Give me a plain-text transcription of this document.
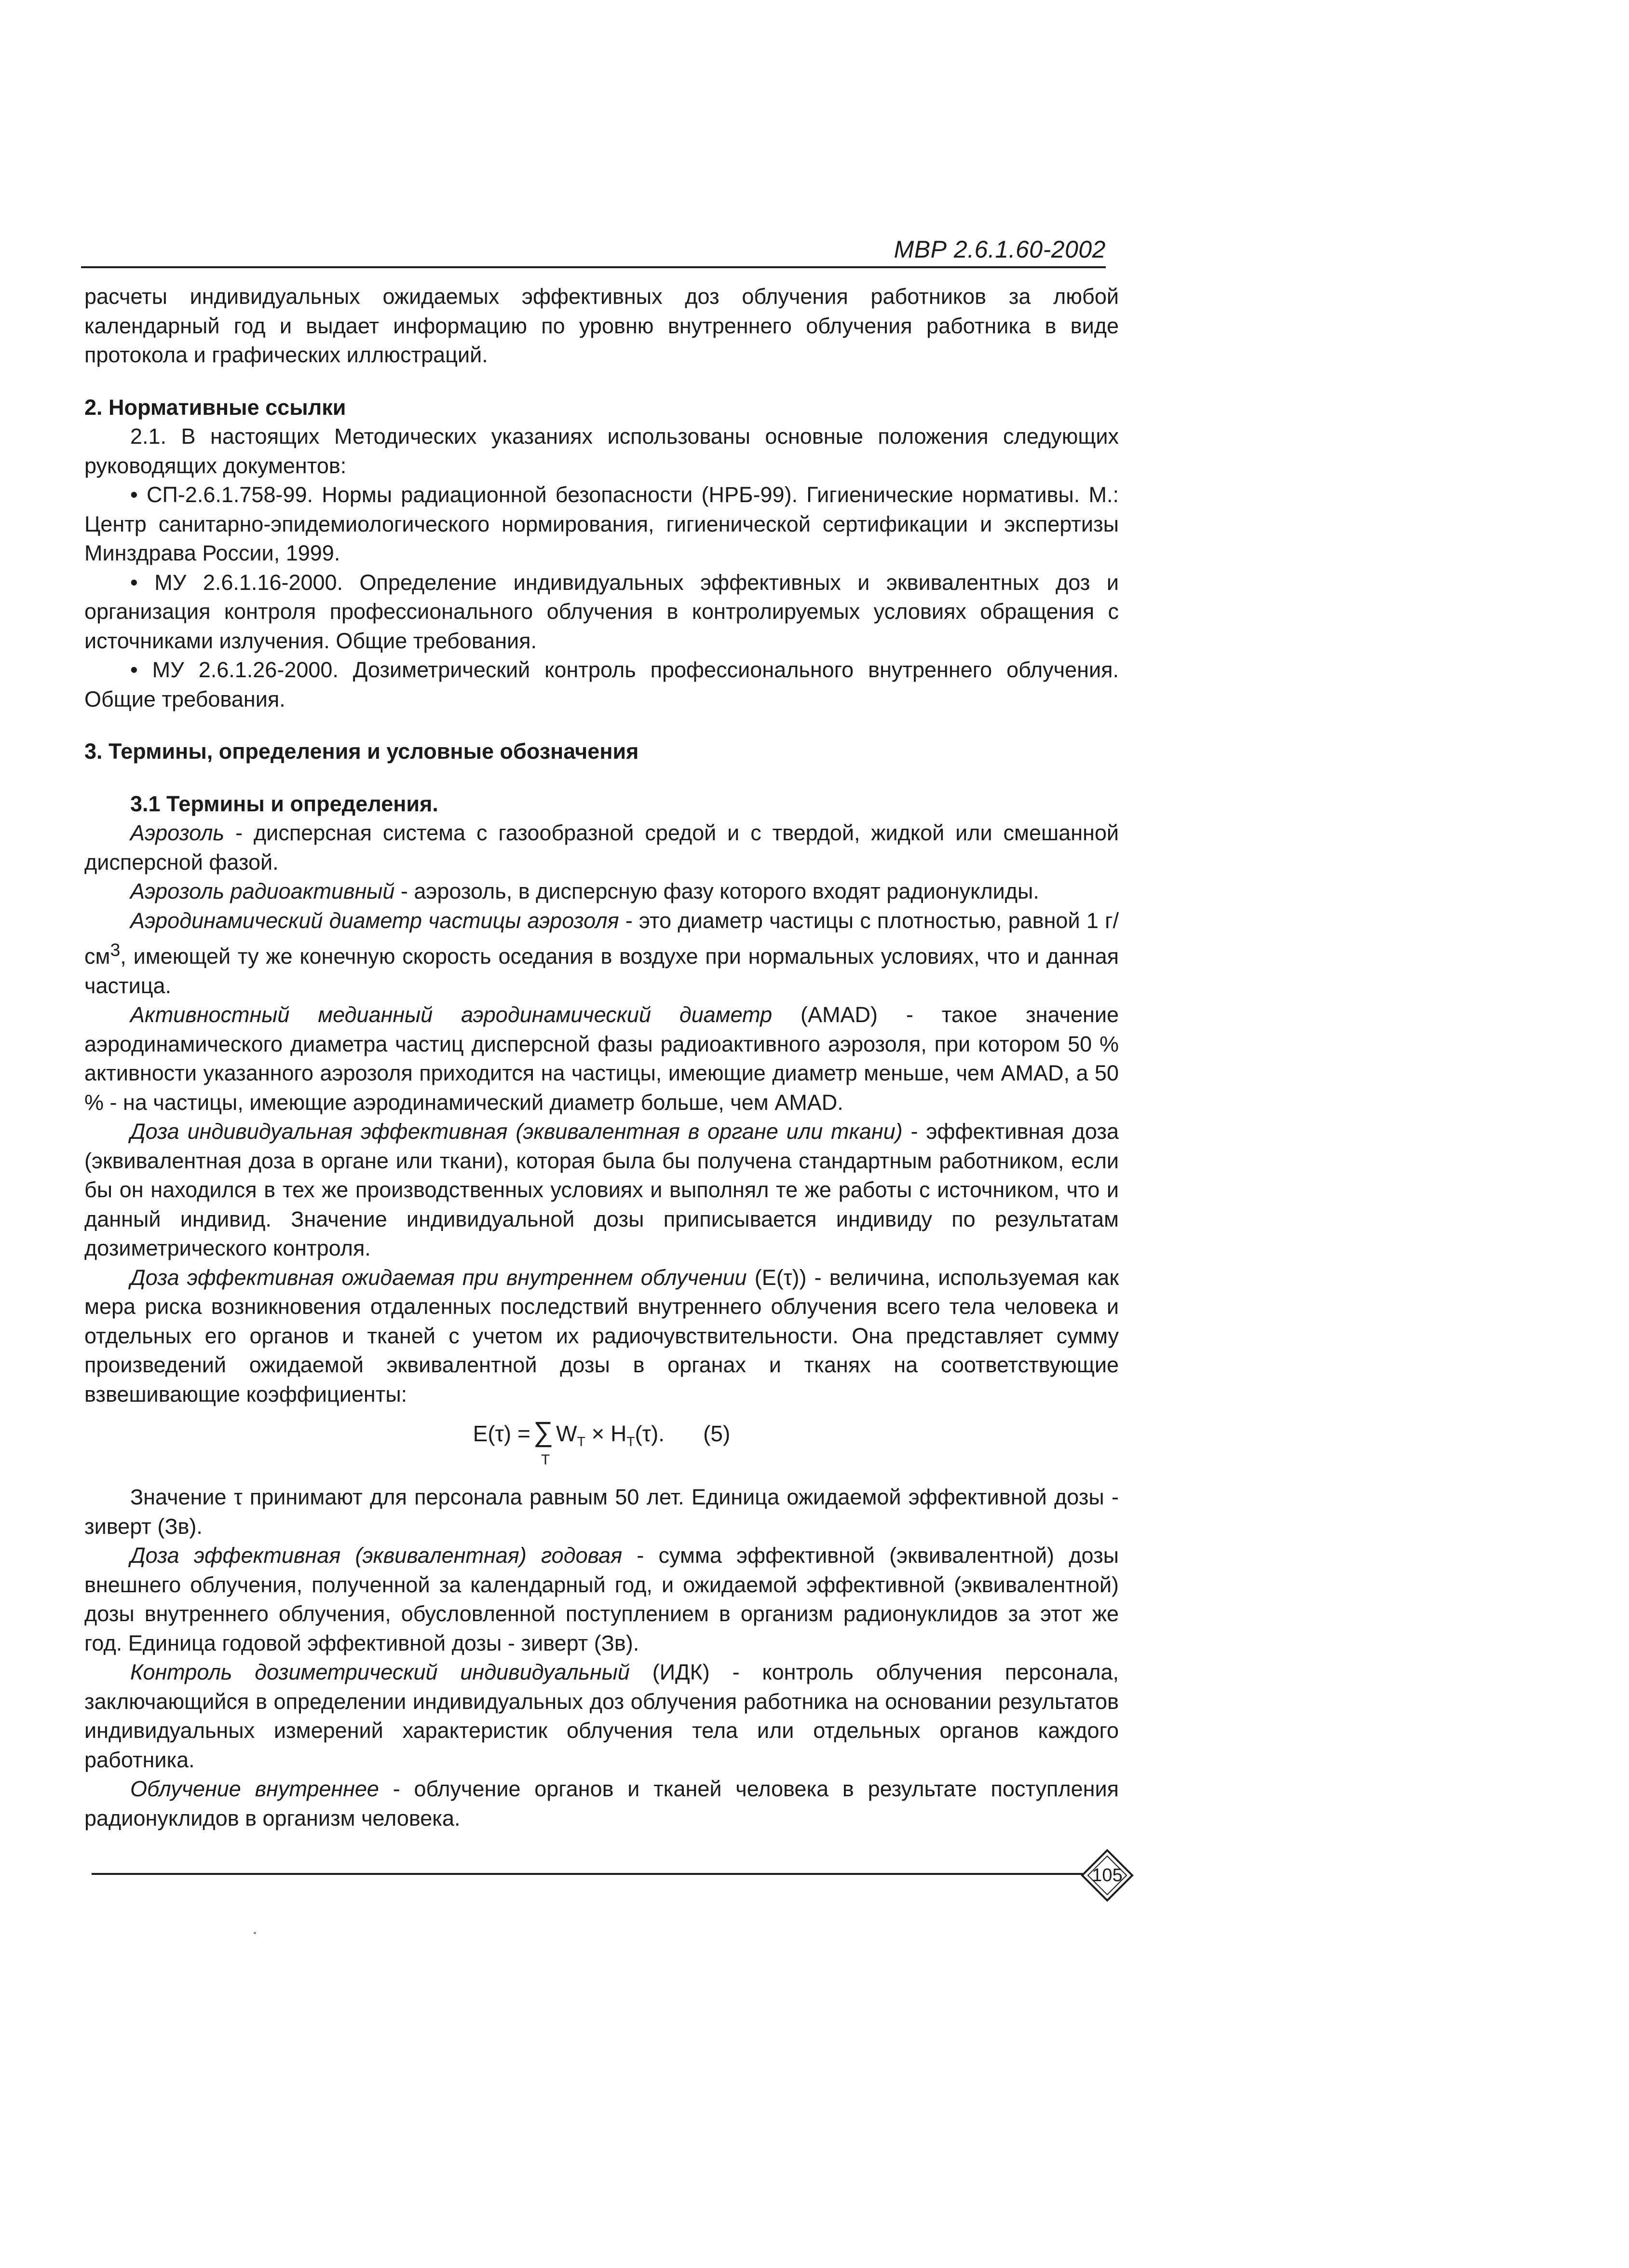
МВР 2.6.1.60-2002

расчеты индивидуальных ожидаемых эффективных доз облучения работников за любой календарный год и выдает информацию по уровню внутреннего облучения работника в виде протокола и графических иллюстраций.

2. Нормативные ссылки

2.1. В настоящих Методических указаниях использованы основные положения следующих руководящих документов:

• СП-2.6.1.758-99. Нормы радиационной безопасности (НРБ-99). Гигиенические нормативы. М.: Центр санитарно-эпидемиологического нормирования, гигиенической сертификации и экспертизы Минздрава России, 1999.

• МУ 2.6.1.16-2000. Определение индивидуальных эффективных и эквивалентных доз и организация контроля профессионального облучения в контролируемых условиях обращения с источниками излучения. Общие требования.

• МУ 2.6.1.26-2000. Дозиметрический контроль профессионального внутреннего облучения. Общие требования.

3. Термины, определения и условные обозначения

3.1 Термины и определения.

Аэрозоль - дисперсная система с газообразной средой и с твердой, жидкой или смешанной дисперсной фазой.

Аэрозоль радиоактивный - аэрозоль, в дисперсную фазу которого входят радионуклиды.

Аэродинамический диаметр частицы аэрозоля - это диаметр частицы с плотностью, равной 1 $г/см^3$, имеющей ту же конечную скорость оседания в воздухе при нормальных условиях, что и данная частица.

Активностный медианный аэродинамический диаметр (AMAD) - такое значение аэродинамического диаметра частиц дисперсной фазы радиоактивного аэрозоля, при котором 50 % активности указанного аэрозоля приходится на частицы, имеющие диаметр меньше, чем AMAD, а 50 % - на частицы, имеющие аэродинамический диаметр больше, чем AMAD.

Доза индивидуальная эффективная (эквивалентная в органе или ткани) - эффективная доза (эквивалентная доза в органе или ткани), которая была бы получена стандартным работником, если бы он находился в тех же производственных условиях и выполнял те же работы с источником, что и данный индивид. Значение индивидуальной дозы приписывается индивиду по результатам дозиметрического контроля.

Доза эффективная ожидаемая при внутреннем облучении (E(τ)) - величина, используемая как мера риска возникновения отдаленных последствий внутреннего облучения всего тела человека и отдельных его органов и тканей с учетом их радиочувствительности. Она представляет сумму произведений ожидаемой эквивалентной дозы в органах и тканях на соответствующие взвешивающие коэффициенты:

E(τ) = ∑
T
$W_T \times H_T(\tau)$. (5)

Значение τ принимают для персонала равным 50 лет. Единица ожидаемой эффективной дозы - зиверт (Зв).

Доза эффективная (эквивалентная) годовая - сумма эффективной (эквивалентной) дозы внешнего облучения, полученной за календарный год, и ожидаемой эффективной (эквивалентной) дозы внутреннего облучения, обусловленной поступлением в организм радионуклидов за этот же год. Единица годовой эффективной дозы - зиверт (Зв).

Контроль дозиметрический индивидуальный (ИДК) - контроль облучения персонала, заключающийся в определении индивидуальных доз облучения работника на основании результатов индивидуальных измерений характеристик облучения тела или отдельных органов каждого работника.

Облучение внутреннее - облучение органов и тканей человека в результате поступления радионуклидов в организм человека.

105
